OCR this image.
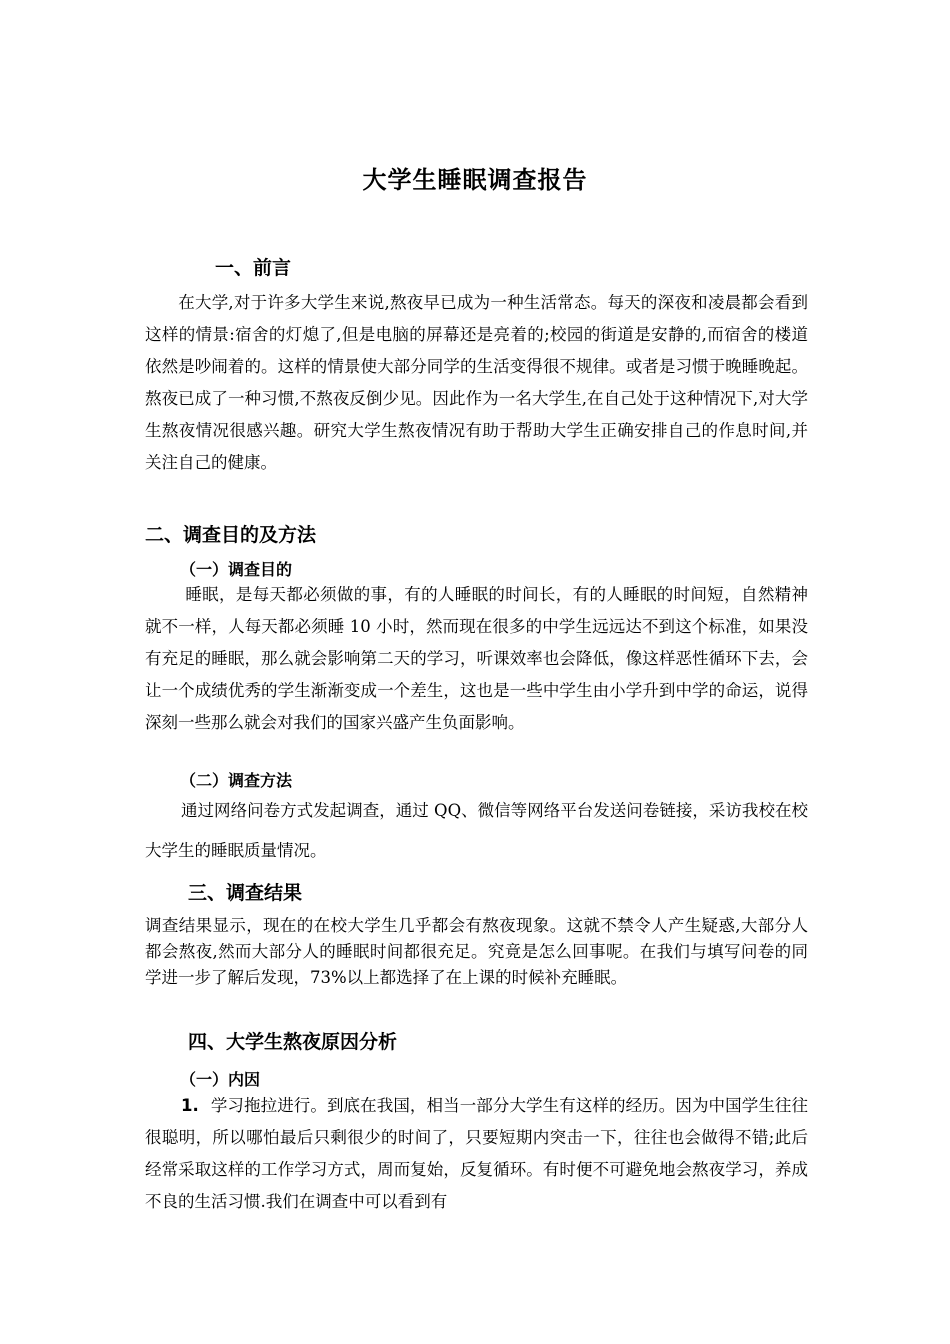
大学生睡眠调查报告
一、前言

在大学,对于许多大学生来说,熬夜早已成为一种生活常态。每天的深夜和凌晨都会看到这样的情景:宿舍的灯熄了,但是电脑的屏幕还是亮着的;校园的街道是安静的,而宿舍的楼道依然是吵闹着的。这样的情景使大部分同学的生活变得很不规律。或者是习惯于晚睡晚起。熬夜已成了一种习惯,不熬夜反倒少见。因此作为一名大学生,在自己处于这种情况下,对大学生熬夜情况很感兴趣。研究大学生熬夜情况有助于帮助大学生正确安排自己的作息时间,并关注自己的健康。

二、调查目的及方法
（一）调查目的

睡眠，是每天都必须做的事，有的人睡眠的时间长，有的人睡眠的时间短，自然精神就不一样，人每天都必须睡 10 小时，然而现在很多的中学生远远达不到这个标准，如果没有充足的睡眠，那么就会影响第二天的学习，听课效率也会降低，像这样恶性循环下去，会让一个成绩优秀的学生渐渐变成一个差生，这也是一些中学生由小学升到中学的命运，说得深刻一些那么就会对我们的国家兴盛产生负面影响。

（二）调查方法

通过网络问卷方式发起调查，通过 QQ、微信等网络平台发送问卷链接，采访我校在校大学生的睡眠质量情况。

三、调查结果

调查结果显示，现在的在校大学生几乎都会有熬夜现象。这就不禁令人产生疑惑,大部分人都会熬夜,然而大部分人的睡眠时间都很充足。究竟是怎么回事呢。在我们与填写问卷的同学进一步了解后发现，73%以上都选择了在上课的时候补充睡眠。

四、大学生熬夜原因分析
（一）内因

1. 学习拖拉进行。到底在我国，相当一部分大学生有这样的经历。因为中国学生往往很聪明，所以哪怕最后只剩很少的时间了，只要短期内突击一下，往往也会做得不错;此后经常采取这样的工作学习方式，周而复始，反复循环。有时便不可避免地会熬夜学习，养成不良的生活习惯.我们在调查中可以看到有
